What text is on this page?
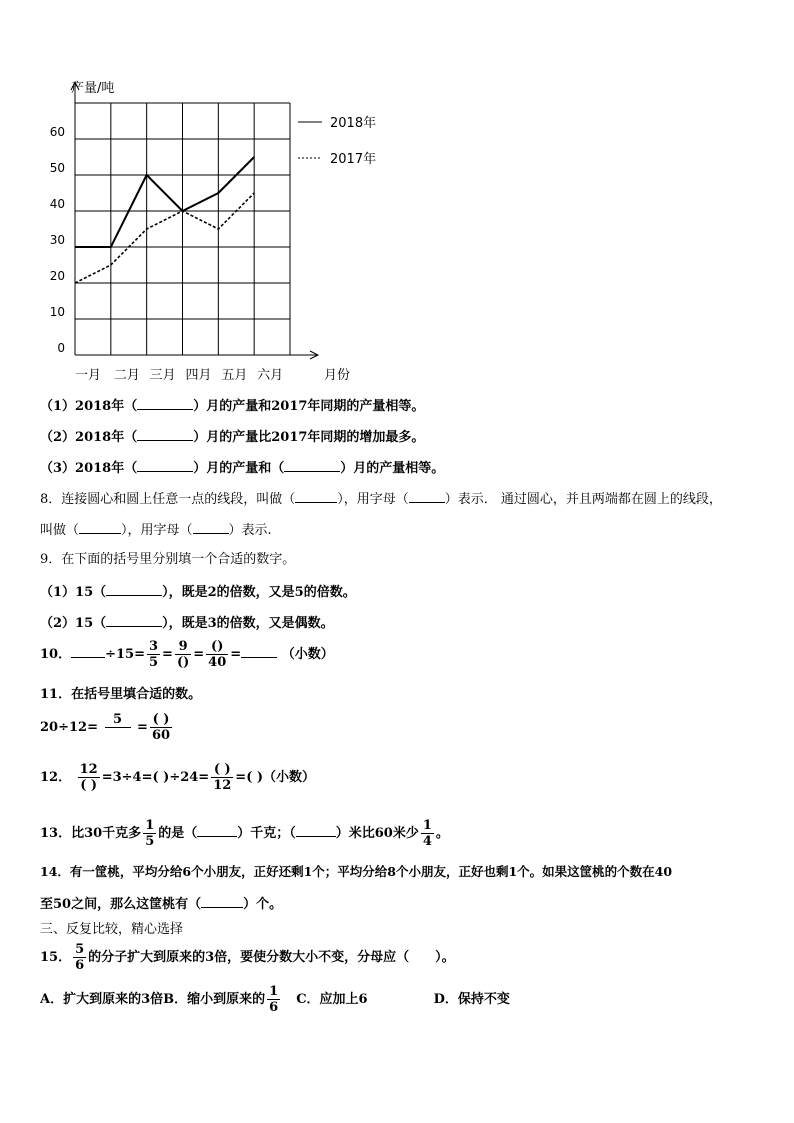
产量/吨
月份
0
10
20
30
40
50
60
一月 二月 三月 四月 五月 六月
2018年
2017年
（1）2018年（	）月的产量和2017年同期的产量相等。
（2）2018年（	）月的产量比2017年同期的增加最多。
（3）2018年（	）月的产量和（	）月的产量相等。
8．连接圆心和圆上任意一点的线段，叫做（	），用字母（	）表示． 通过圆心，并且两端都在圆上的线段，
叫做（	），用字母（	）表示.
9．在下面的括号里分别填一个合适的数字。
（1）15（	），既是2的倍数，又是5的倍数。
（2）15（	），既是3的倍数，又是偶数。
10．	$\div 15= \frac{3}{5} = \frac{9}{()} = \frac{()}{40}$ =	（小数）
11．在括号里填合适的数。
20÷12=
5
= $\frac{( )}{60}$
12． $\frac{12}{( )} =3\div 4=$( )$\div 24= \frac{( )}{12}$ =( )（小数）
13．比30千克多 $\frac{1}{5}$ 的是（	）千克；（	）米比60米少 $\frac{1}{4}$ 。
14．有一筐桃，平均分给6个小朋友，正好还剩1个；平均分给8个小朋友，正好也剩1个。如果这筐桃的个数在40
至50之间，那么这筐桃有（	）个。
三、反复比较，精心选择
15． $\frac{5}{6}$ 的分子扩大到原来的3倍，要使分数大小不变，分母应（　　）。
A．扩大到原来的3倍B．缩小到原来的 $\frac{1}{6}$ C．应加上6	D．保持不变
